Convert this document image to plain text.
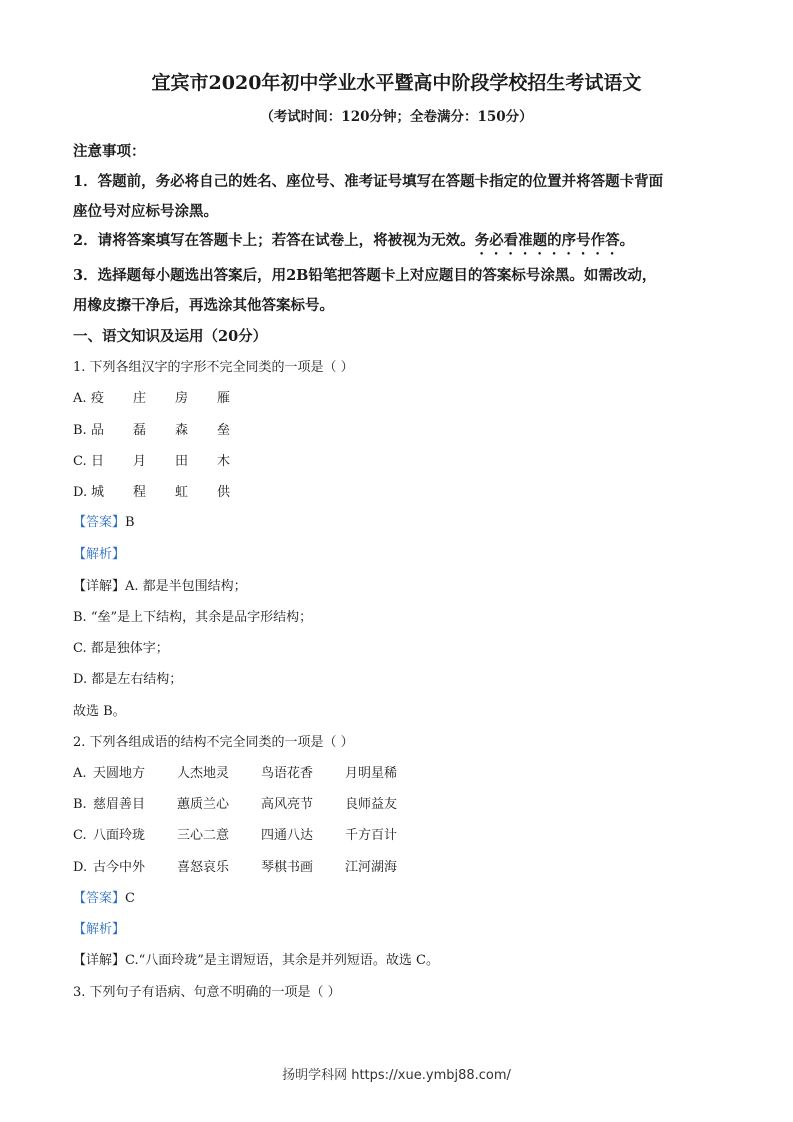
宜宾市2020年初中学业水平暨高中阶段学校招生考试语文
（考试时间：120分钟；全卷满分：150分）
注意事项：
1．答题前，务必将自己的姓名、座位号、准考证号填写在答题卡指定的位置并将答题卡背面
座位号对应标号涂黑。
2．请将答案填写在答题卡上；若答在试卷上，将被视为无效。务必看准题的序号作答。
3．选择题每小题选出答案后，用2B铅笔把答题卡上对应题目的答案标号涂黑。如需改动，
用橡皮擦干净后，再选涂其他答案标号。
一、语文知识及运用（20分）
1. 下列各组汉字的字形不完全同类的一项是（ ）
A. 疫 庄 房 雁
B. 品 磊 森 垒
C. 日 月 田 木
D. 城 程 虹 供
【答案】B
【解析】
【详解】A. 都是半包围结构；
B. “垒”是上下结构，其余是品字形结构；
C. 都是独体字；
D. 都是左右结构；
故选 B。
2. 下列各组成语的结构不完全同类的一项是（ ）
A. 天圆地方 人杰地灵 鸟语花香 月明星稀
B. 慈眉善目 蕙质兰心 高风亮节 良师益友
C. 八面玲珑 三心二意 四通八达 千方百计
D. 古今中外 喜怒哀乐 琴棋书画 江河湖海
【答案】C
【解析】
【详解】C.“八面玲珑”是主谓短语，其余是并列短语。故选 C。
3. 下列句子有语病、句意不明确的一项是（ ）
扬明学科网 https://xue.ymbj88.com/
